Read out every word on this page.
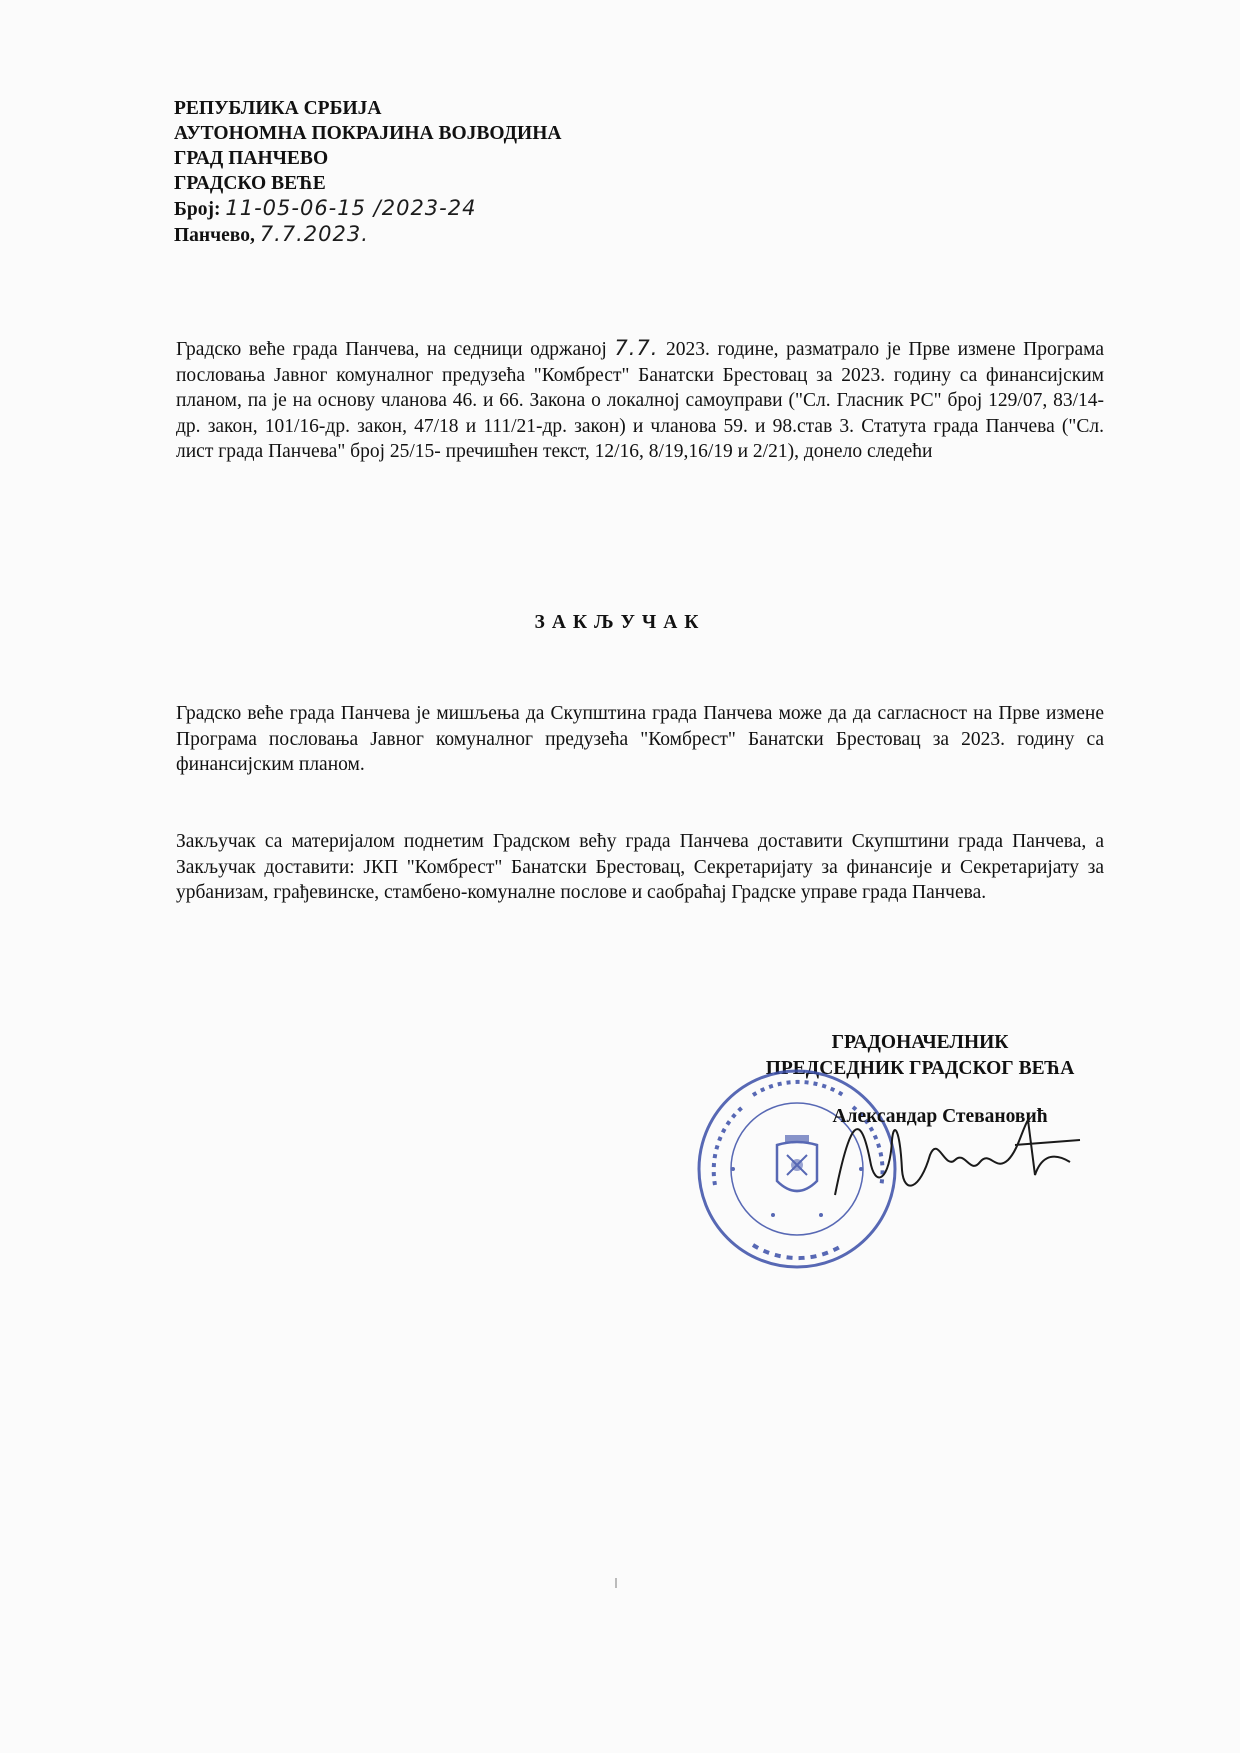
РЕПУБЛИКА СРБИЈА
АУТОНОМНА ПОКРАЈИНА ВОЈВОДИНА
ГРАД ПАНЧЕВО
ГРАДСКО ВЕЋЕ
Број: 11-05-06-15 /2023-24
Панчево, 7.7.2023.
Градско веће града Панчева, на седници одржаној 7.7. 2023. године, разматрало је Прве измене Програма пословања Јавног комуналног предузећа "Комбрест" Банатски Брестовац за 2023. годину са финансијским планом, па је на основу чланова 46. и 66. Закона о локалној самоуправи ("Сл. Гласник РС" број 129/07, 83/14-др. закон, 101/16-др. закон, 47/18 и 111/21-др. закон) и чланова 59. и 98.став 3. Статута града Панчева ("Сл. лист града Панчева" број 25/15- пречишћен текст, 12/16, 8/19,16/19 и 2/21), донело следећи
ЗАКЉУЧАК
Градско веће града Панчева је мишљења да Скупштина града Панчева може да да сагласност на Прве измене Програма пословања Јавног комуналног предузећа "Комбрест" Банатски Брестовац за 2023. годину са финансијским планом.
Закључак са материјалом поднетим Градском већу града Панчева доставити Скупштини града Панчева, а Закључак доставити: ЈКП "Комбрест" Банатски Брестовац, Секретаријату за финансије и Секретаријату за урбанизам, грађевинске, стамбено-комуналне послове и саобраћај Градске управе града Панчева.
ГРАДОНАЧЕЛНИК
ПРЕДСЕДНИК ГРАДСКОГ ВЕЋА
Александар Стевановић
